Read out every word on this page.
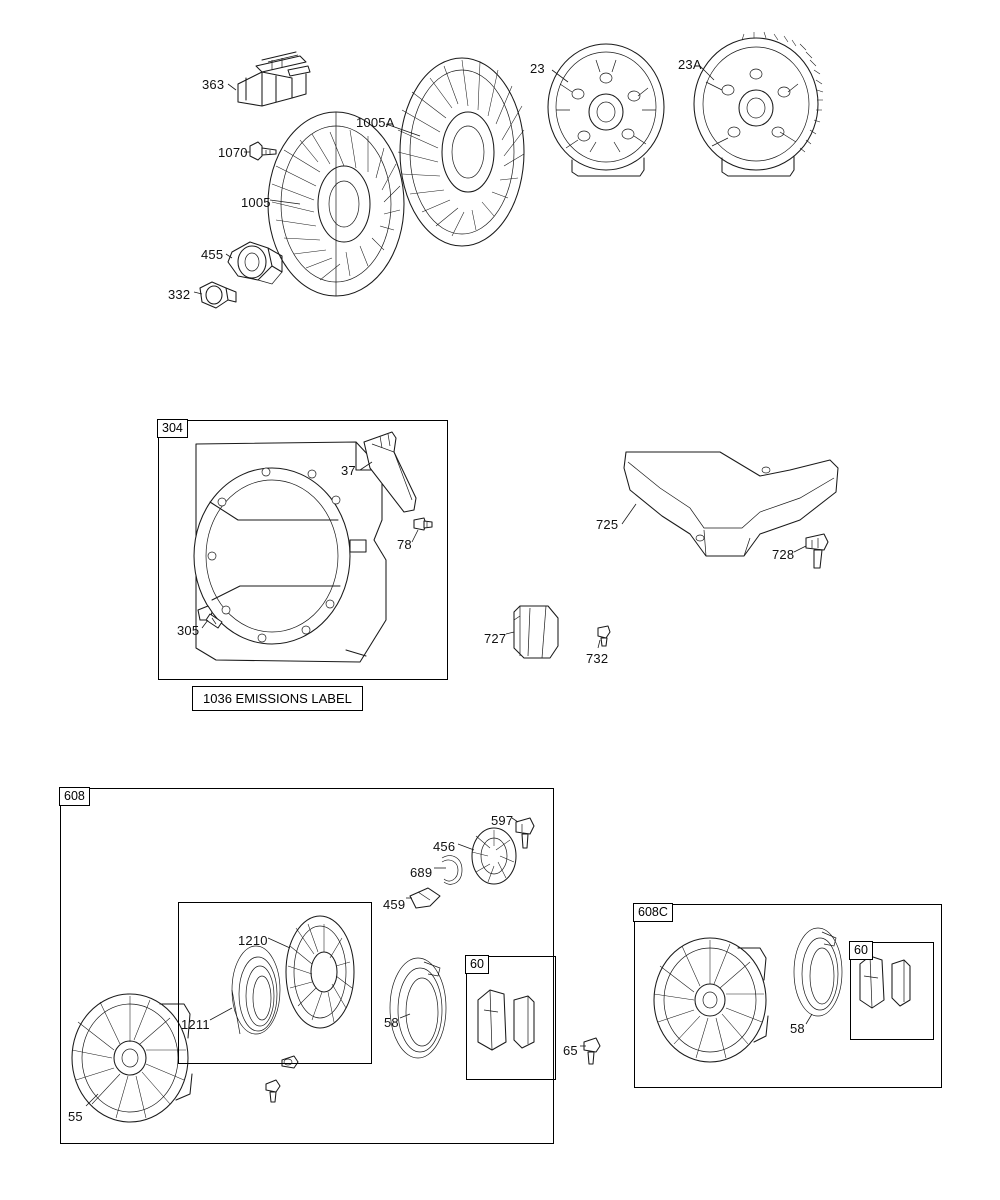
304
608
60
608C
60
1036 EMISSIONS LABEL
363
1070
1005
1005A
455
332
23	23A
37
78
305
725
728
727
732
597
456
689
459
1210
1211	58
65
55
58
